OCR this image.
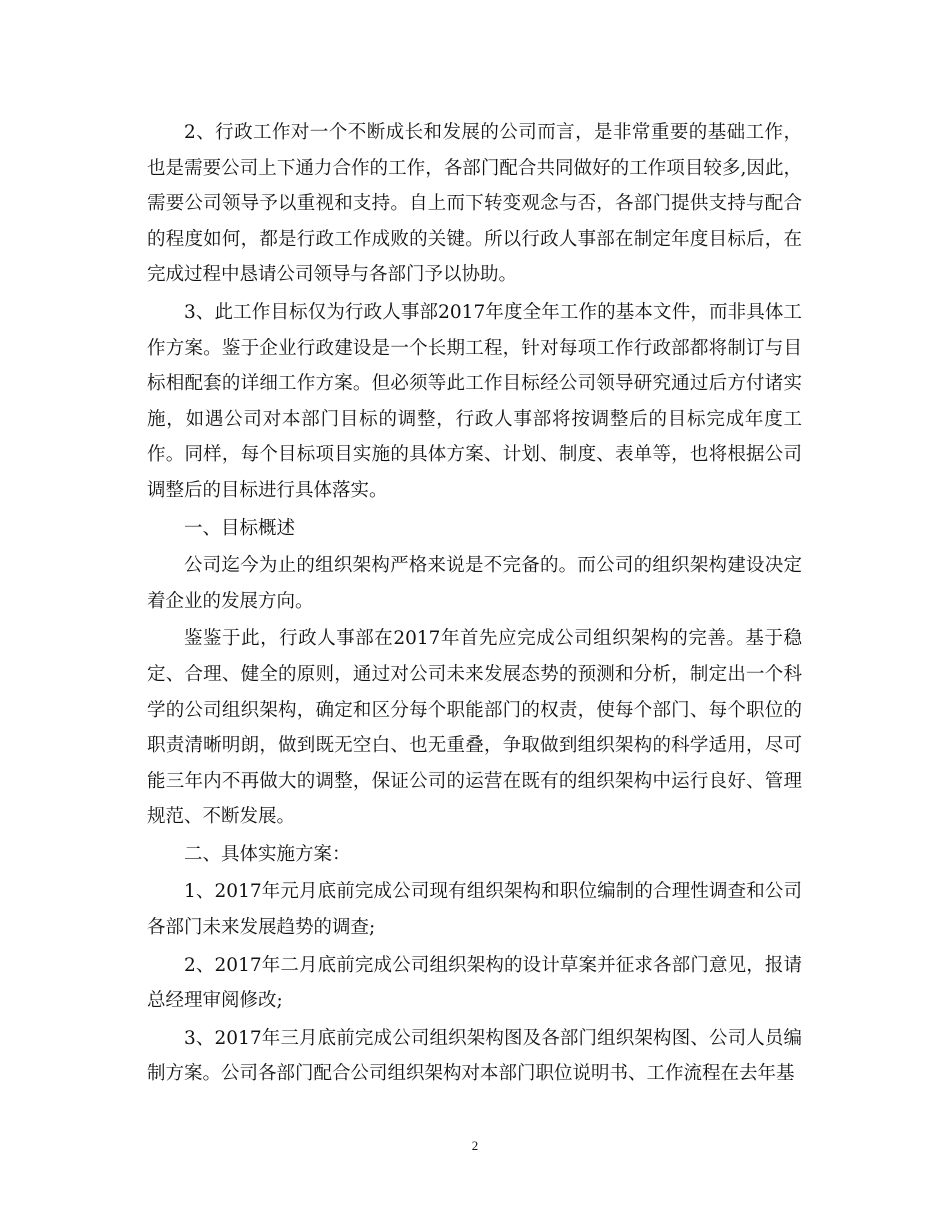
2、行政工作对一个不断成长和发展的公司而言，是非常重要的基础工作，也是需要公司上下通力合作的工作，各部门配合共同做好的工作项目较多,因此，需要公司领导予以重视和支持。自上而下转变观念与否，各部门提供支持与配合的程度如何，都是行政工作成败的关键。所以行政人事部在制定年度目标后，在完成过程中恳请公司领导与各部门予以协助。

3、此工作目标仅为行政人事部2017年度全年工作的基本文件，而非具体工作方案。鉴于企业行政建设是一个长期工程，针对每项工作行政部都将制订与目标相配套的详细工作方案。但必须等此工作目标经公司领导研究通过后方付诸实施，如遇公司对本部门目标的调整，行政人事部将按调整后的目标完成年度工作。同样，每个目标项目实施的具体方案、计划、制度、表单等，也将根据公司调整后的目标进行具体落实。

一、目标概述

公司迄今为止的组织架构严格来说是不完备的。而公司的组织架构建设决定着企业的发展方向。

鉴鉴于此，行政人事部在2017年首先应完成公司组织架构的完善。基于稳定、合理、健全的原则，通过对公司未来发展态势的预测和分析，制定出一个科学的公司组织架构，确定和区分每个职能部门的权责，使每个部门、每个职位的职责清晰明朗，做到既无空白、也无重叠，争取做到组织架构的科学适用，尽可能三年内不再做大的调整，保证公司的运营在既有的组织架构中运行良好、管理规范、不断发展。

二、具体实施方案：

1、2017年元月底前完成公司现有组织架构和职位编制的合理性调查和公司各部门未来发展趋势的调查;

2、2017年二月底前完成公司组织架构的设计草案并征求各部门意见，报请总经理审阅修改;

3、2017年三月底前完成公司组织架构图及各部门组织架构图、公司人员编制方案。公司各部门配合公司组织架构对本部门职位说明书、工作流程在去年基

2
